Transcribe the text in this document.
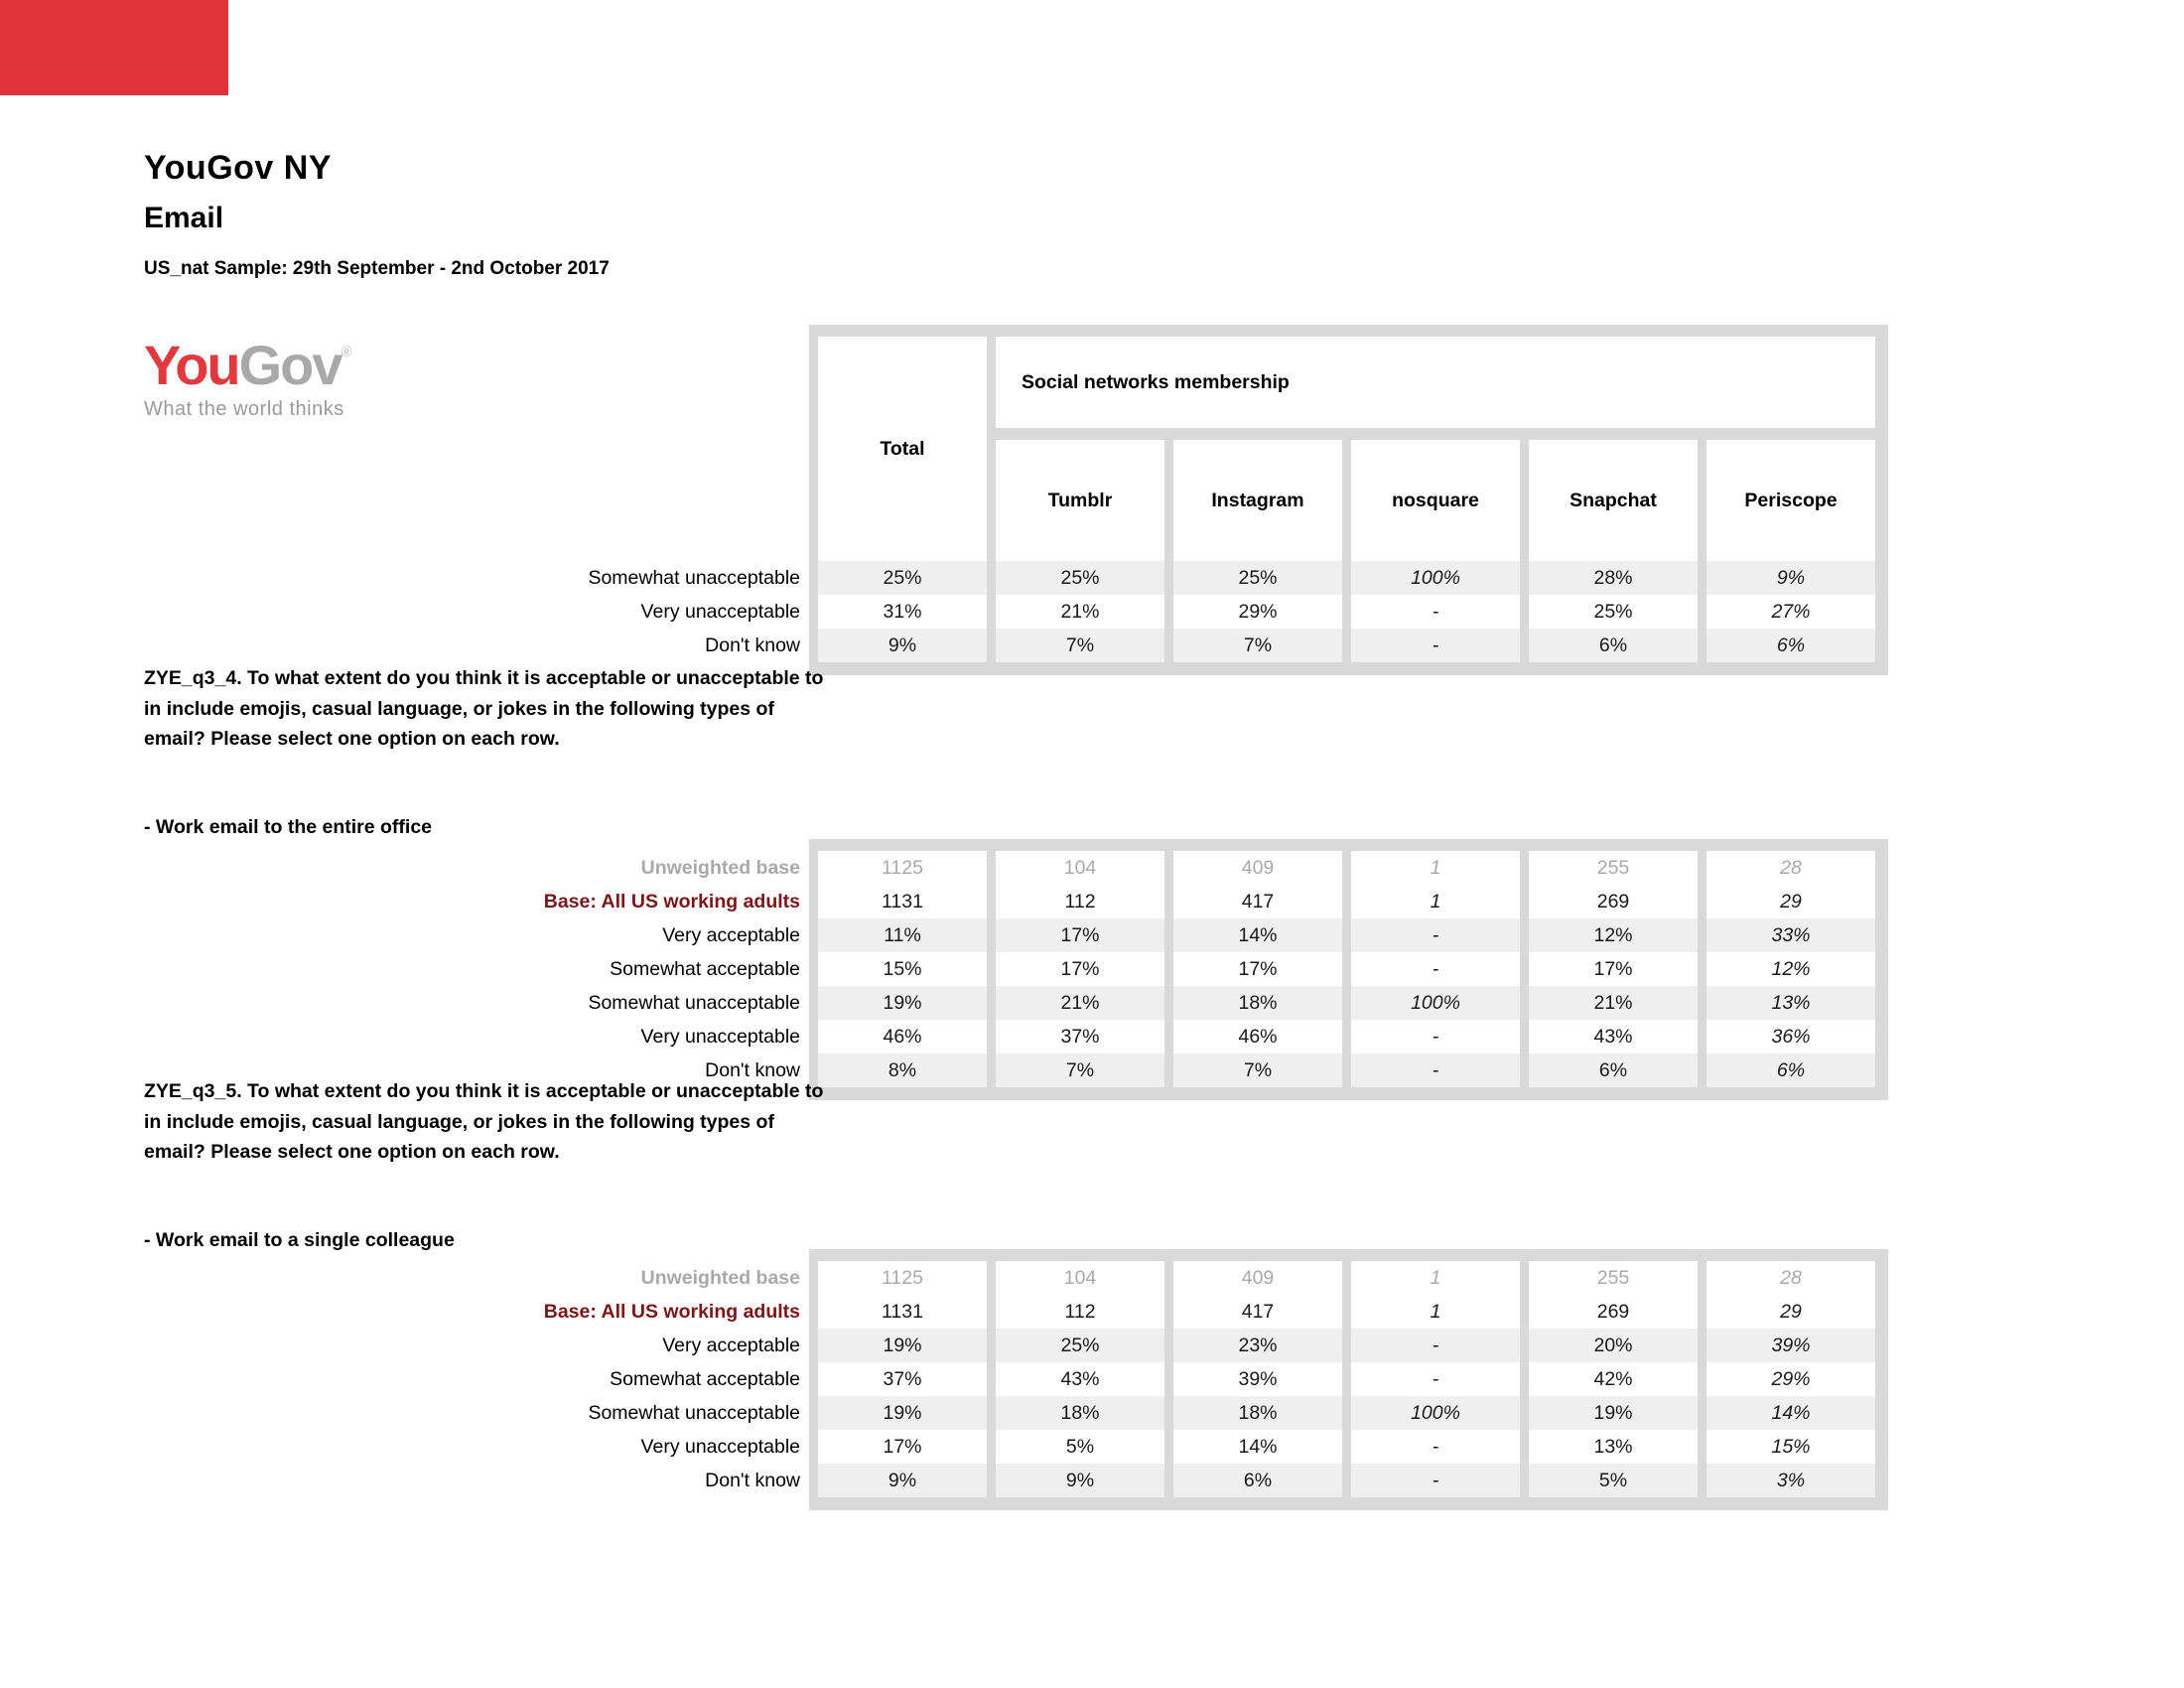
YouGov NY
Email
US_nat Sample: 29th September - 2nd October 2017
YouGov®
What the world thinks
Total
Social networks membership
Tumblr	Instagram	nosquare	Snapchat	Periscope
Somewhat unacceptable	25%	25%	25%	100%	28%	9%
Very unacceptable	31%	21%	29%	-	25%	27%
Don't know	9%	7%	7%	-	6%	6%
ZYE_q3_4. To what extent do you think it is acceptable or unacceptable to in include emojis, casual language, or jokes in the following types of email? Please select one option on each row.
- Work email to the entire office
Unweighted base	1125	104	409	1	255	28
Base: All US working adults	1131	112	417	1	269	29
Very acceptable	11%	17%	14%	-	12%	33%
Somewhat acceptable	15%	17%	17%	-	17%	12%
Somewhat unacceptable	19%	21%	18%	100%	21%	13%
Very unacceptable	46%	37%	46%	-	43%	36%
Don't know	8%	7%	7%	-	6%	6%
ZYE_q3_5. To what extent do you think it is acceptable or unacceptable to in include emojis, casual language, or jokes in the following types of email? Please select one option on each row.
- Work email to a single colleague
Unweighted base	1125	104	409	1	255	28
Base: All US working adults	1131	112	417	1	269	29
Very acceptable	19%	25%	23%	-	20%	39%
Somewhat acceptable	37%	43%	39%	-	42%	29%
Somewhat unacceptable	19%	18%	18%	100%	19%	14%
Very unacceptable	17%	5%	14%	-	13%	15%
Don't know	9%	9%	6%	-	5%	3%
